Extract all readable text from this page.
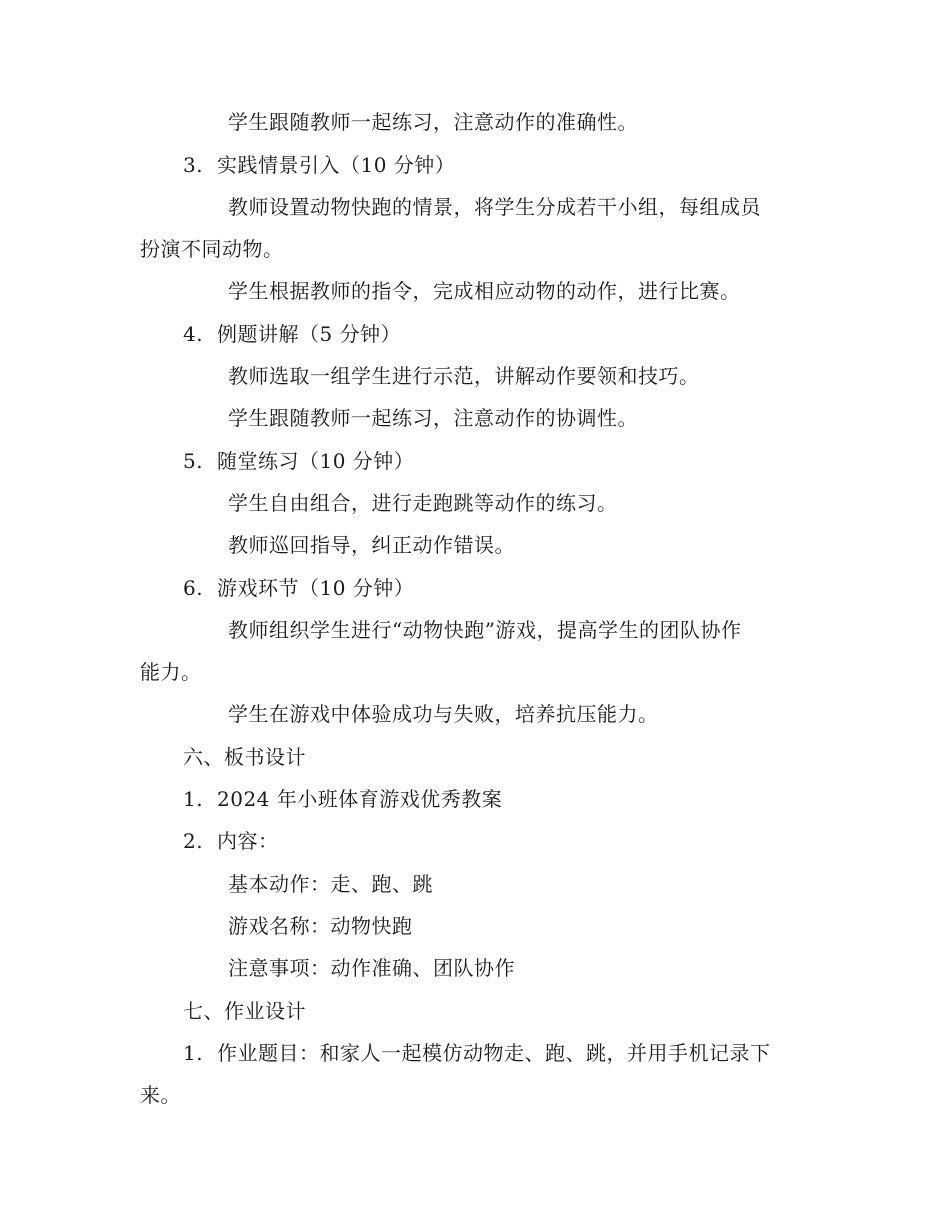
学生跟随教师一起练习，注意动作的准确性。
3. 实践情景引入（10 分钟）
教师设置动物快跑的情景，将学生分成若干小组，每组成员
扮演不同动物。
学生根据教师的指令，完成相应动物的动作，进行比赛。
4. 例题讲解（5 分钟）
教师选取一组学生进行示范，讲解动作要领和技巧。
学生跟随教师一起练习，注意动作的协调性。
5. 随堂练习（10 分钟）
学生自由组合，进行走跑跳等动作的练习。
教师巡回指导，纠正动作错误。
6. 游戏环节（10 分钟）
教师组织学生进行“动物快跑”游戏，提高学生的团队协作
能力。
学生在游戏中体验成功与失败，培养抗压能力。
六、板书设计
1. 2024 年小班体育游戏优秀教案
2. 内容：
基本动作：走、跑、跳
游戏名称：动物快跑
注意事项：动作准确、团队协作
七、作业设计
1. 作业题目：和家人一起模仿动物走、跑、跳，并用手机记录下
来。
